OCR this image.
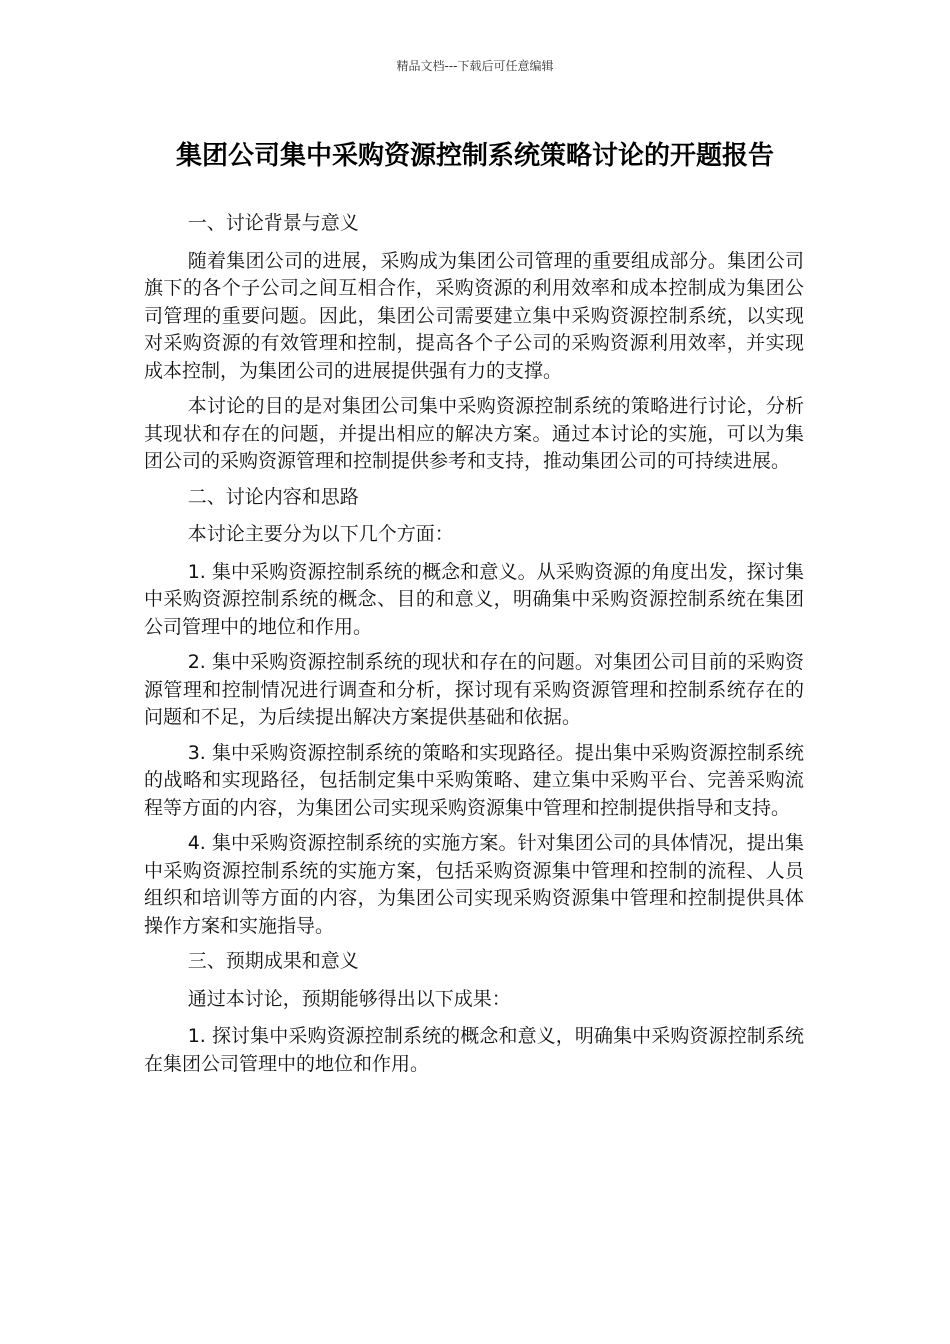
精品文档---下载后可任意编辑
集团公司集中采购资源控制系统策略讨论的开题报告

一、讨论背景与意义

随着集团公司的进展，采购成为集团公司管理的重要组成部分。集团公司旗下的各个子公司之间互相合作，采购资源的利用效率和成本控制成为集团公司管理的重要问题。因此，集团公司需要建立集中采购资源控制系统，以实现对采购资源的有效管理和控制，提高各个子公司的采购资源利用效率，并实现成本控制，为集团公司的进展提供强有力的支撑。

本讨论的目的是对集团公司集中采购资源控制系统的策略进行讨论，分析其现状和存在的问题，并提出相应的解决方案。通过本讨论的实施，可以为集团公司的采购资源管理和控制提供参考和支持，推动集团公司的可持续进展。

二、讨论内容和思路

本讨论主要分为以下几个方面：

1. 集中采购资源控制系统的概念和意义。从采购资源的角度出发，探讨集中采购资源控制系统的概念、目的和意义，明确集中采购资源控制系统在集团公司管理中的地位和作用。

2. 集中采购资源控制系统的现状和存在的问题。对集团公司目前的采购资源管理和控制情况进行调查和分析，探讨现有采购资源管理和控制系统存在的问题和不足，为后续提出解决方案提供基础和依据。

3. 集中采购资源控制系统的策略和实现路径。提出集中采购资源控制系统的战略和实现路径，包括制定集中采购策略、建立集中采购平台、完善采购流程等方面的内容，为集团公司实现采购资源集中管理和控制提供指导和支持。

4. 集中采购资源控制系统的实施方案。针对集团公司的具体情况，提出集中采购资源控制系统的实施方案，包括采购资源集中管理和控制的流程、人员组织和培训等方面的内容，为集团公司实现采购资源集中管理和控制提供具体操作方案和实施指导。

三、预期成果和意义

通过本讨论，预期能够得出以下成果：

1. 探讨集中采购资源控制系统的概念和意义，明确集中采购资源控制系统在集团公司管理中的地位和作用。
